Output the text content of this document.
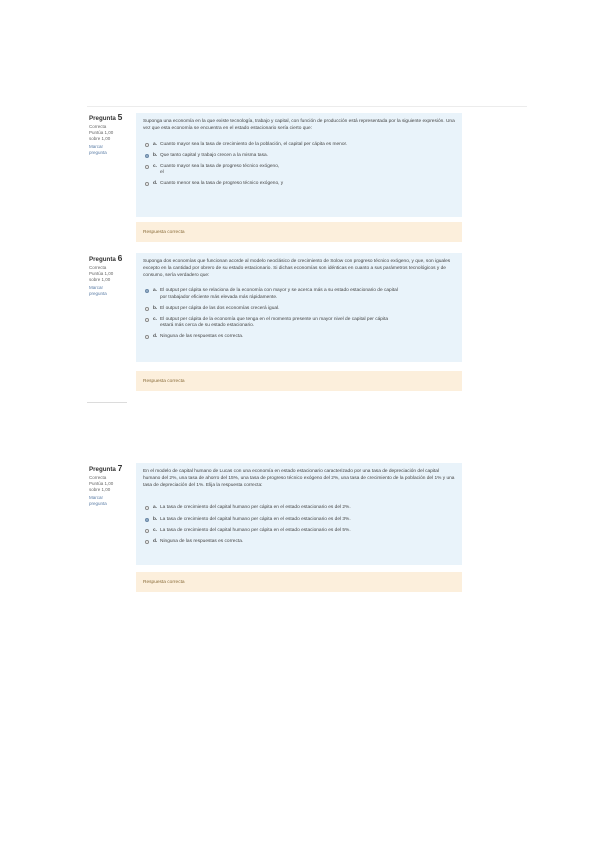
Pregunta 5
Correcta
Puntúa 1,00
sobre 1,00
Marcar
pregunta
Suponga una economía en la que existe tecnología, trabajo y capital, con función de producción está representada por la siguiente expresión. Una vez que esta economía se encuentra en el estado estacionario sería cierto que:
a. Cuanto mayor sea la tasa de crecimiento de la población, el capital per cápita es menor.
b. Que tanto capital y trabajo crecen a la misma tasa.
c. Cuanto mayor sea la tasa de progreso técnico exógeno,
el
d. Cuanto menor sea la tasa de progreso técnico exógeno, y
Respuesta correcta
Pregunta 6
Correcta
Puntúa 1,00
sobre 1,00
Marcar
pregunta
Suponga dos economías que funcionan acorde al modelo neoclásico de crecimiento de Solow con progreso técnico exógeno, y que, son iguales excepto en la cantidad por obrero de su estado estacionario. Si dichas economías son idénticas en cuanto a sus parámetros tecnológicos y de consumo, sería verdadero que:
a. El output per cápita se relaciona de la economía con mayor y se acerca más a su estado estacionario de capital
por trabajador eficiente más elevada más rápidamente.
b. El output per cápita de las dos economías crecerá igual.
c. El output per cápita de la economía que tenga en el momento presente un mayor nivel de capital per cápita
estará más cerca de su estado estacionario.
d. Ninguna de las respuestas es correcta.
Respuesta correcta
Pregunta 7
Correcta
Puntúa 1,00
sobre 1,00
Marcar
pregunta
En el modelo de capital humano de Lucas con una economía en estado estacionario caracterizado por una tasa de depreciación del capital humano del 2%, una tasa de ahorro del 15%, una tasa de progreso técnico exógeno del 2%, una tasa de crecimiento de la población del 1% y una tasa de depreciación del 1%. Elija la respuesta correcta:
a. La tasa de crecimiento del capital humano per cápita en el estado estacionario es del 2%.
b. La tasa de crecimiento del capital humano per cápita en el estado estacionario es del 3%.
c. La tasa de crecimiento del capital humano per cápita en el estado estacionario es del 5%.
d. Ninguna de las respuestas es correcta.
Respuesta correcta
